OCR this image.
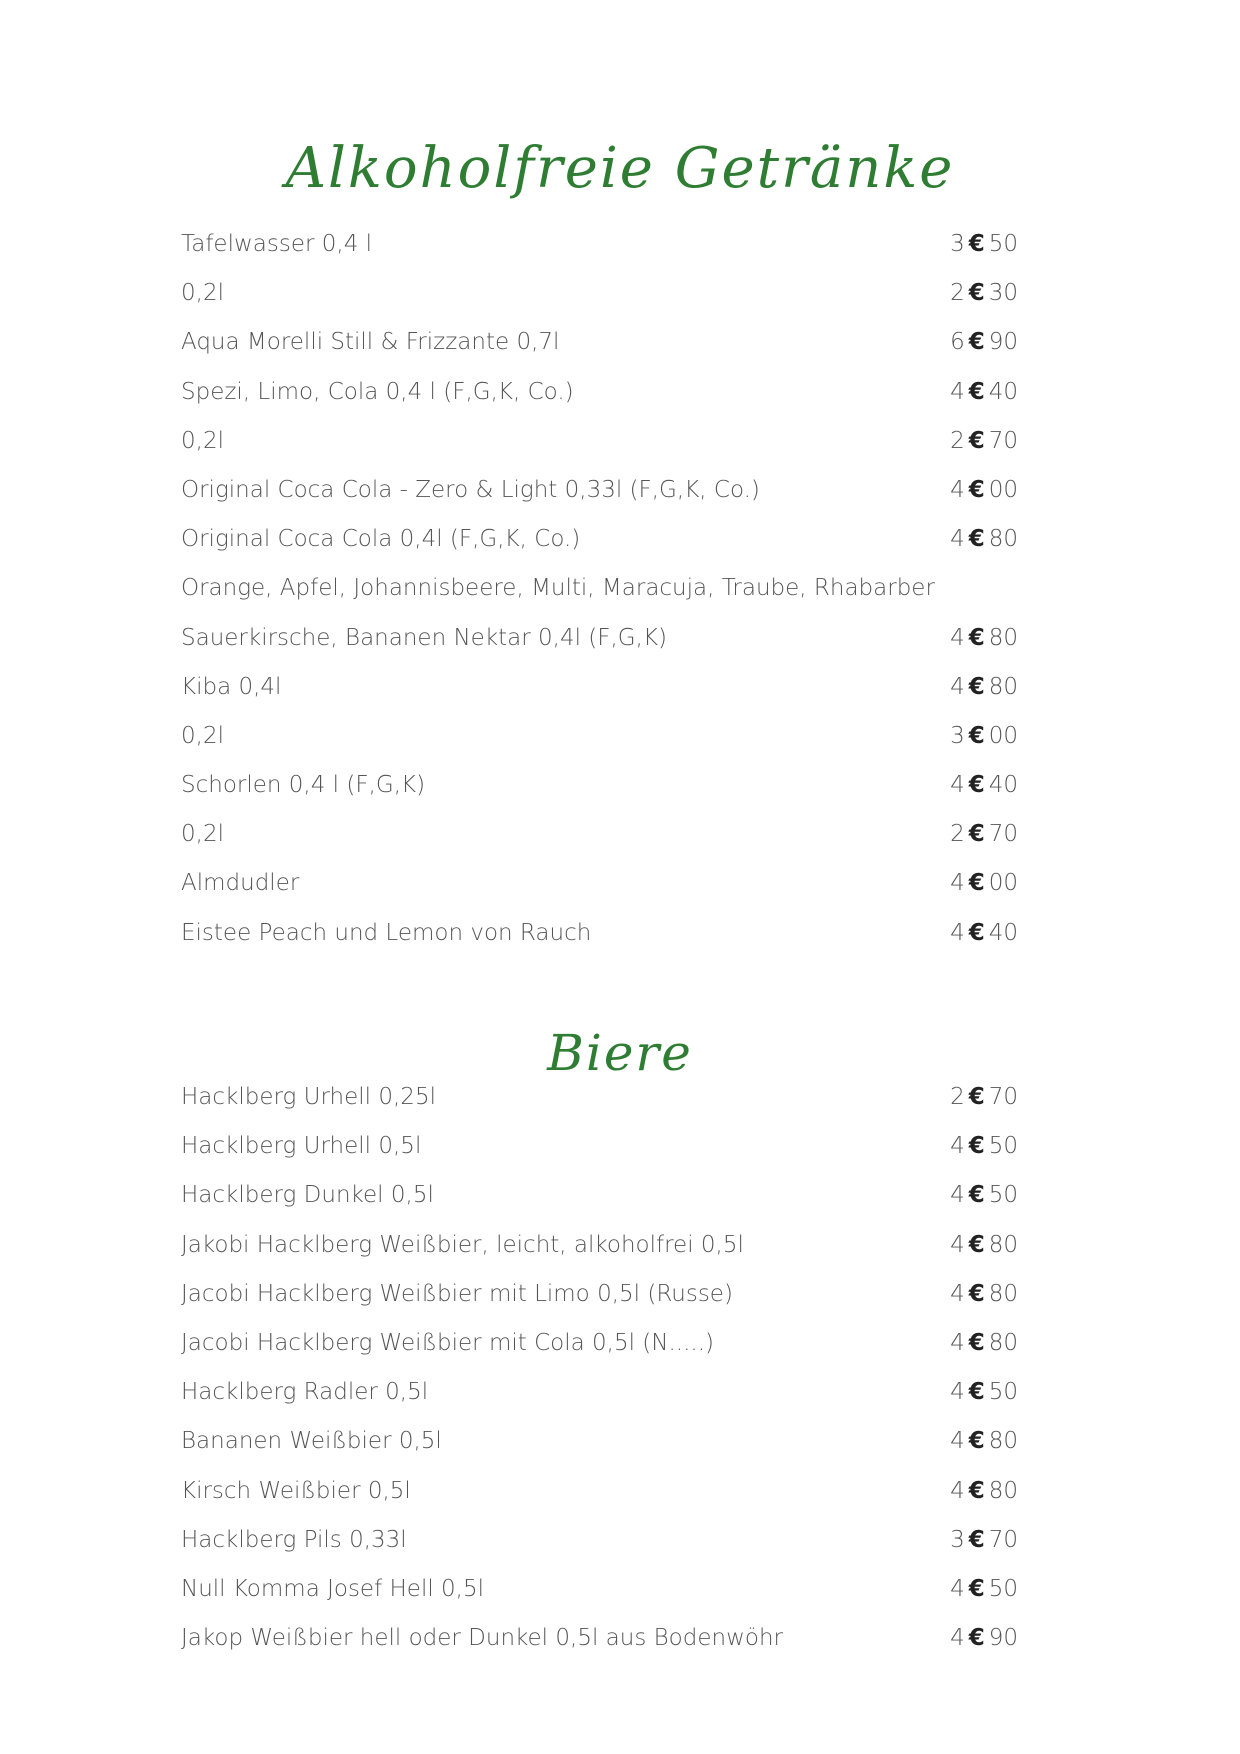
Alkoholfreie Getränke
Tafelwasser 0,4 l	3 € 50
0,2l	2 € 30
Aqua Morelli Still & Frizzante 0,7l	6 € 90
Spezi, Limo, Cola 0,4 l (F,G,K, Co.)	4 € 40
0,2l	2 € 70
Original Coca Cola - Zero & Light 0,33l (F,G,K, Co.)	4 € 00
Original Coca Cola 0,4l (F,G,K, Co.)	4 € 80
Orange, Apfel, Johannisbeere, Multi, Maracuja, Traube, Rhabarber
Sauerkirsche, Bananen Nektar 0,4l (F,G,K)	4 € 80
Kiba 0,4l	4 € 80
0,2l	3 € 00
Schorlen 0,4 l (F,G,K)	4 € 40
0,2l	2 € 70
Almdudler	4 € 00
Eistee Peach und Lemon von Rauch	4 € 40
Biere
Hacklberg Urhell 0,25l	2 € 70
Hacklberg Urhell 0,5l	4 € 50
Hacklberg Dunkel 0,5l	4 € 50
Jakobi Hacklberg Weißbier, leicht, alkoholfrei 0,5l	4 € 80
Jacobi Hacklberg Weißbier mit Limo 0,5l (Russe)	4 € 80
Jacobi Hacklberg Weißbier mit Cola 0,5l (N.....)	4 € 80
Hacklberg Radler 0,5l	4 € 50
Bananen Weißbier 0,5l	4 € 80
Kirsch Weißbier 0,5l	4 € 80
Hacklberg Pils 0,33l	3 € 70
Null Komma Josef Hell 0,5l	4 € 50
Jakop Weißbier hell oder Dunkel 0,5l aus Bodenwöhr	4 € 90
